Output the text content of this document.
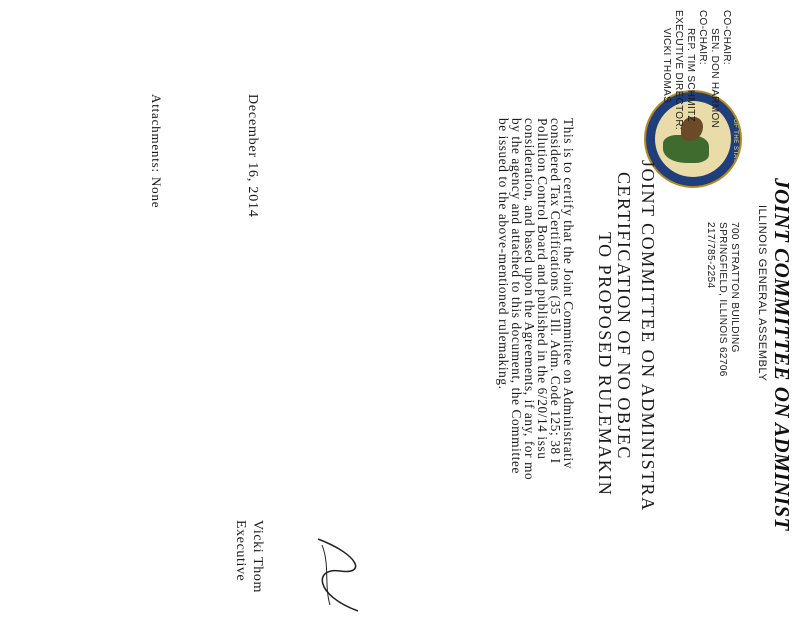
JOINT COMMITTEE ON ADMINIST
ILLINOIS GENERAL ASSEMBLY
SEAL OF THE STATE OF
700 STRATTON BUILDING
SPRINGFIELD, ILLINOIS 62706
217/785-2254
CO-CHAIR:
SEN. DON HARMON
CO-CHAIR:
REP. TIM SCHMITZ
EXECUTIVE DIRECTOR:
VICKI THOMAS
JOINT COMMITTEE ON ADMINISTRA
CERTIFICATION OF NO OBJEC
TO PROPOSED RULEMAKIN
This is to certify that the Joint Committee on Administrativ
considered Tax Certifications (35 Ill. Adm. Code 125; 38 I
Pollution Control Board and published in the 6/20/14 issu
consideration, and based upon the Agreements, if any, for mo
by the agency and attached to this document, the Committee
be issued to the above-mentioned rulemaking.
Vicki Thom
Executive
December 16, 2014
Attachments: None
